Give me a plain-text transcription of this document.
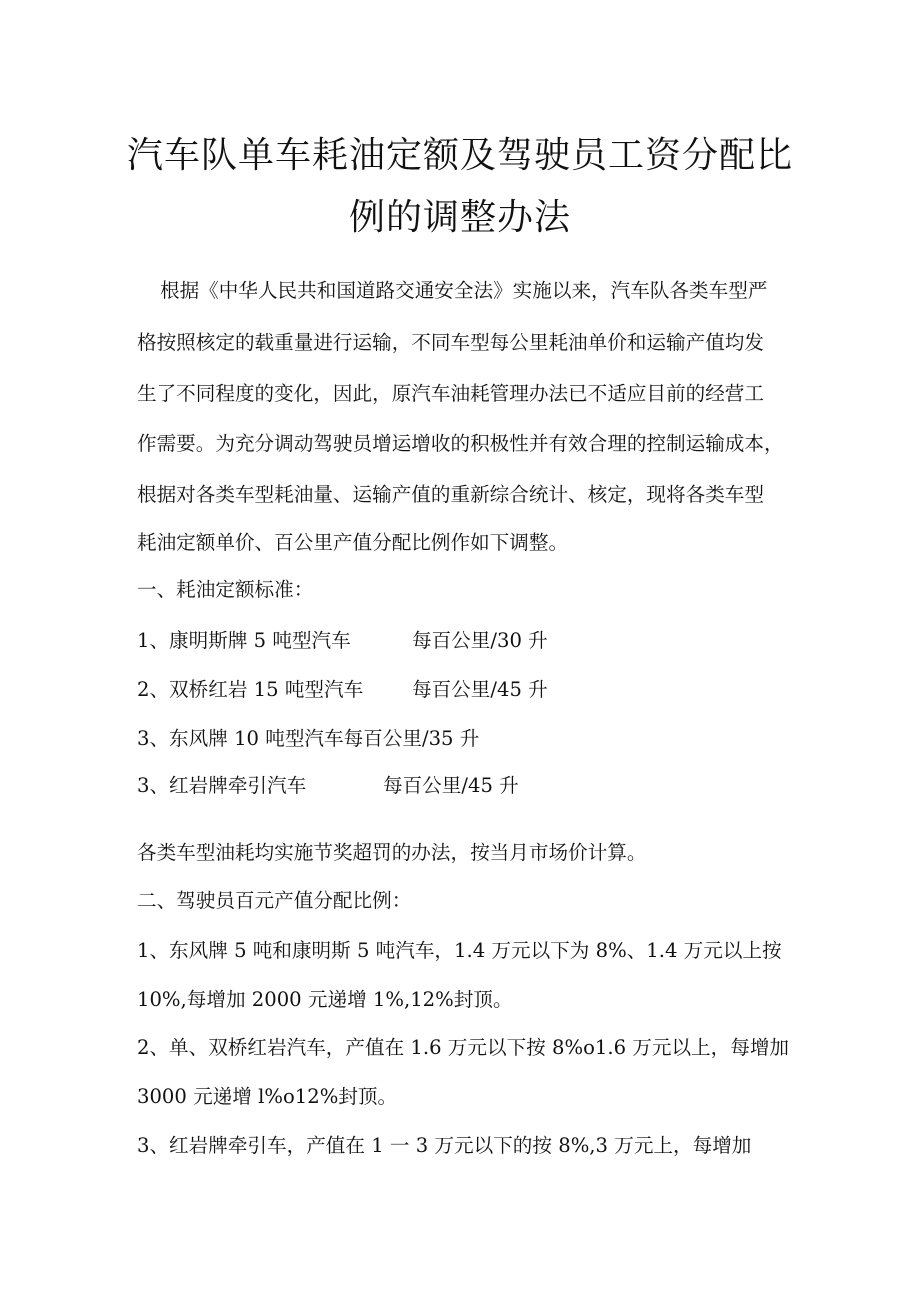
汽车队单车耗油定额及驾驶员工资分配比
例的调整办法

根据《中华人民共和国道路交通安全法》实施以来，汽车队各类车型严

格按照核定的载重量进行运输，不同车型每公里耗油单价和运输产值均发

生了不同程度的变化，因此，原汽车油耗管理办法已不适应目前的经营工

作需要。为充分调动驾驶员增运增收的积极性并有效合理的控制运输成本，

根据对各类车型耗油量、运输产值的重新综合统计、核定，现将各类车型

耗油定额单价、百公里产值分配比例作如下调整。

一、耗油定额标准：

1、康明斯牌 5 吨型汽车	每百公里/30 升

2、双桥红岩 15 吨型汽车 每百公里/45 升

3、东风牌 10 吨型汽车每百公里/35 升

3、红岩牌牵引汽车	每百公里/45 升

各类车型油耗均实施节奖超罚的办法，按当月市场价计算。

二、驾驶员百元产值分配比例：

1、东风牌 5 吨和康明斯 5 吨汽车，1.4 万元以下为 8%、1.4 万元以上按

10%,每增加 2000 元递增 1%,12%封顶。

2、单、双桥红岩汽车，产值在 1.6 万元以下按 8%o1.6 万元以上，每增加

3000 元递增 l%o12%封顶。

3、红岩牌牵引车，产值在 1 一 3 万元以下的按 8%,3 万元上，每增加
